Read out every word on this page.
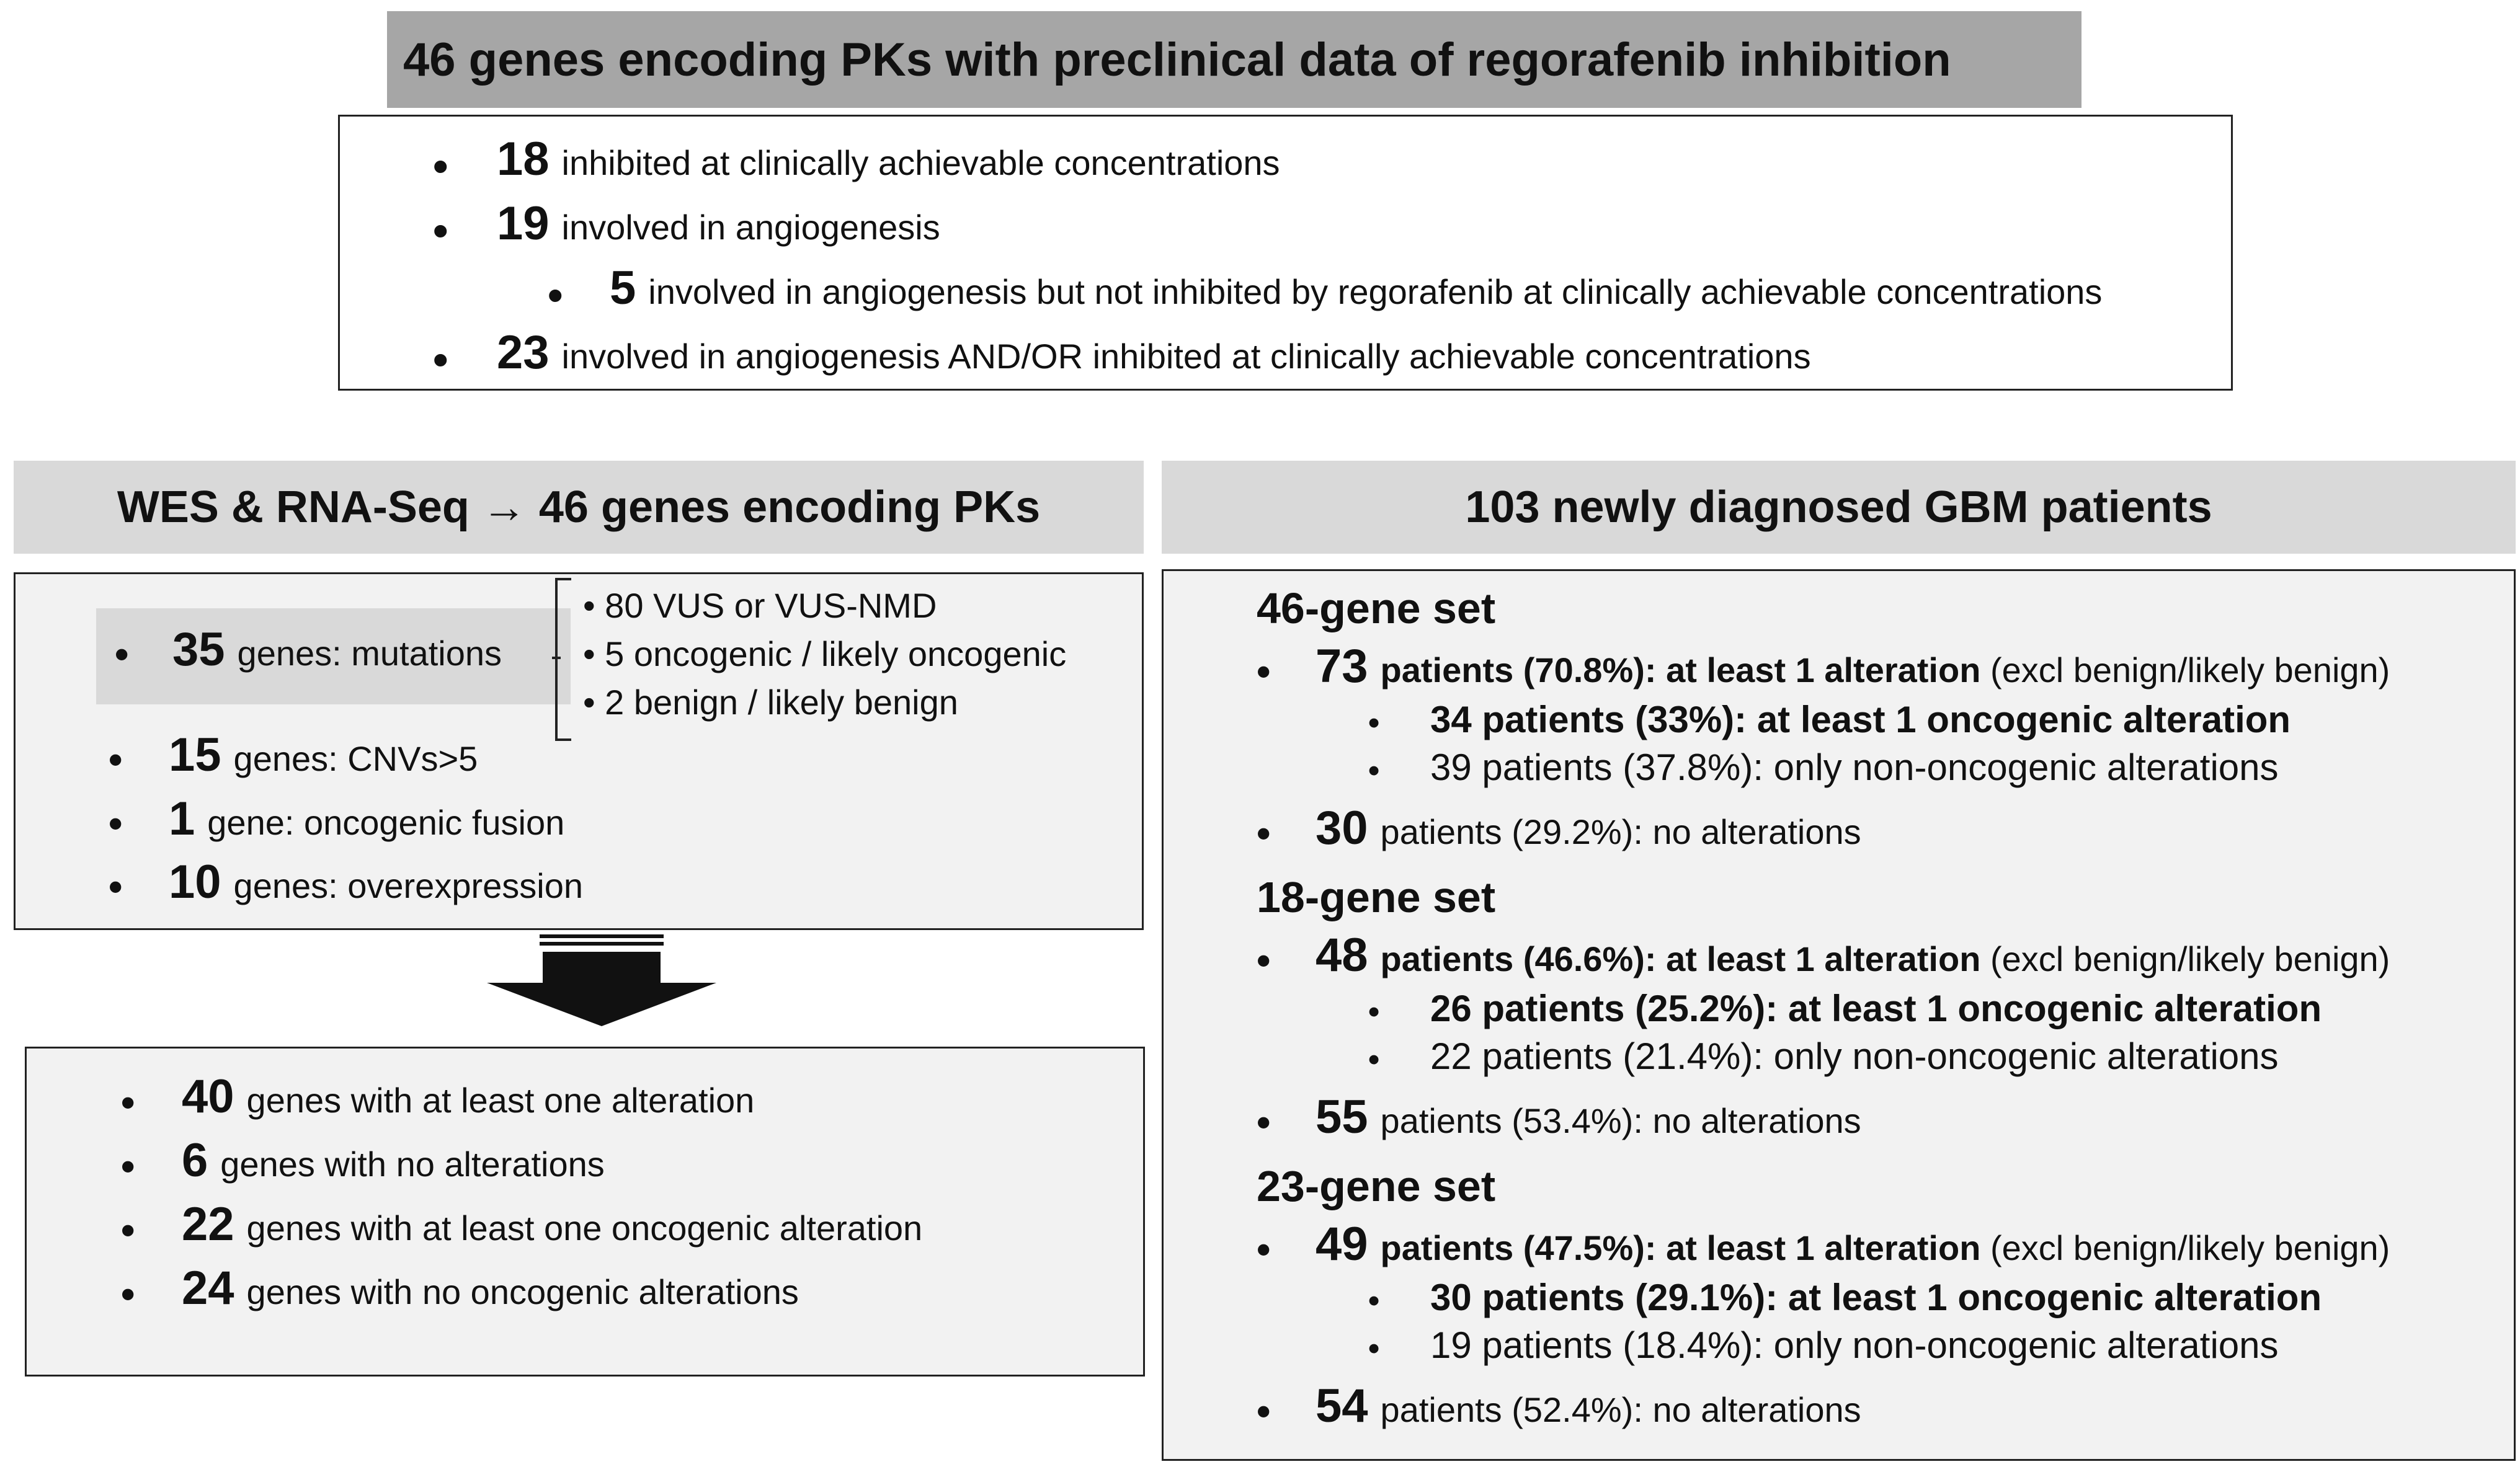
46 genes encoding PKs with preclinical data of regorafenib inhibition
• 18 inhibited at clinically achievable concentrations
• 19 involved in angiogenesis
• 5 involved in angiogenesis but not inhibited by regorafenib at clinically achievable concentrations
• 23 involved in angiogenesis AND/OR inhibited at clinically achievable concentrations
WES & RNA-Seq → 46 genes encoding PKs	103 newly diagnosed GBM patients
• 35 genes: mutations
• 80 VUS or VUS-NMD
• 5 oncogenic / likely oncogenic
• 2 benign / likely benign
• 15 genes: CNVs>5
• 1 gene: oncogenic fusion
• 10 genes: overexpression
• 40 genes with at least one alteration
• 6 genes with no alterations
• 22 genes with at least one oncogenic alteration
• 24 genes with no oncogenic alterations
46-gene set
• 73 patients (70.8%): at least 1 alteration
(excl benign/likely benign)
• 34 patients (33%): at least 1 oncogenic alteration
• 39 patients (37.8%): only non-oncogenic alterations
• 30 patients (29.2%): no alterations
18-gene set
• 48 patients (46.6%): at least 1 alteration
(excl benign/likely benign)
• 26 patients (25.2%): at least 1 oncogenic alteration
• 22 patients (21.4%): only non-oncogenic alterations
• 55 patients (53.4%): no alterations
23-gene set
• 49 patients (47.5%): at least 1 alteration
(excl benign/likely benign)
• 30 patients (29.1%): at least 1 oncogenic alteration
• 19 patients (18.4%): only non-oncogenic alterations
• 54 patients (52.4%): no alterations
